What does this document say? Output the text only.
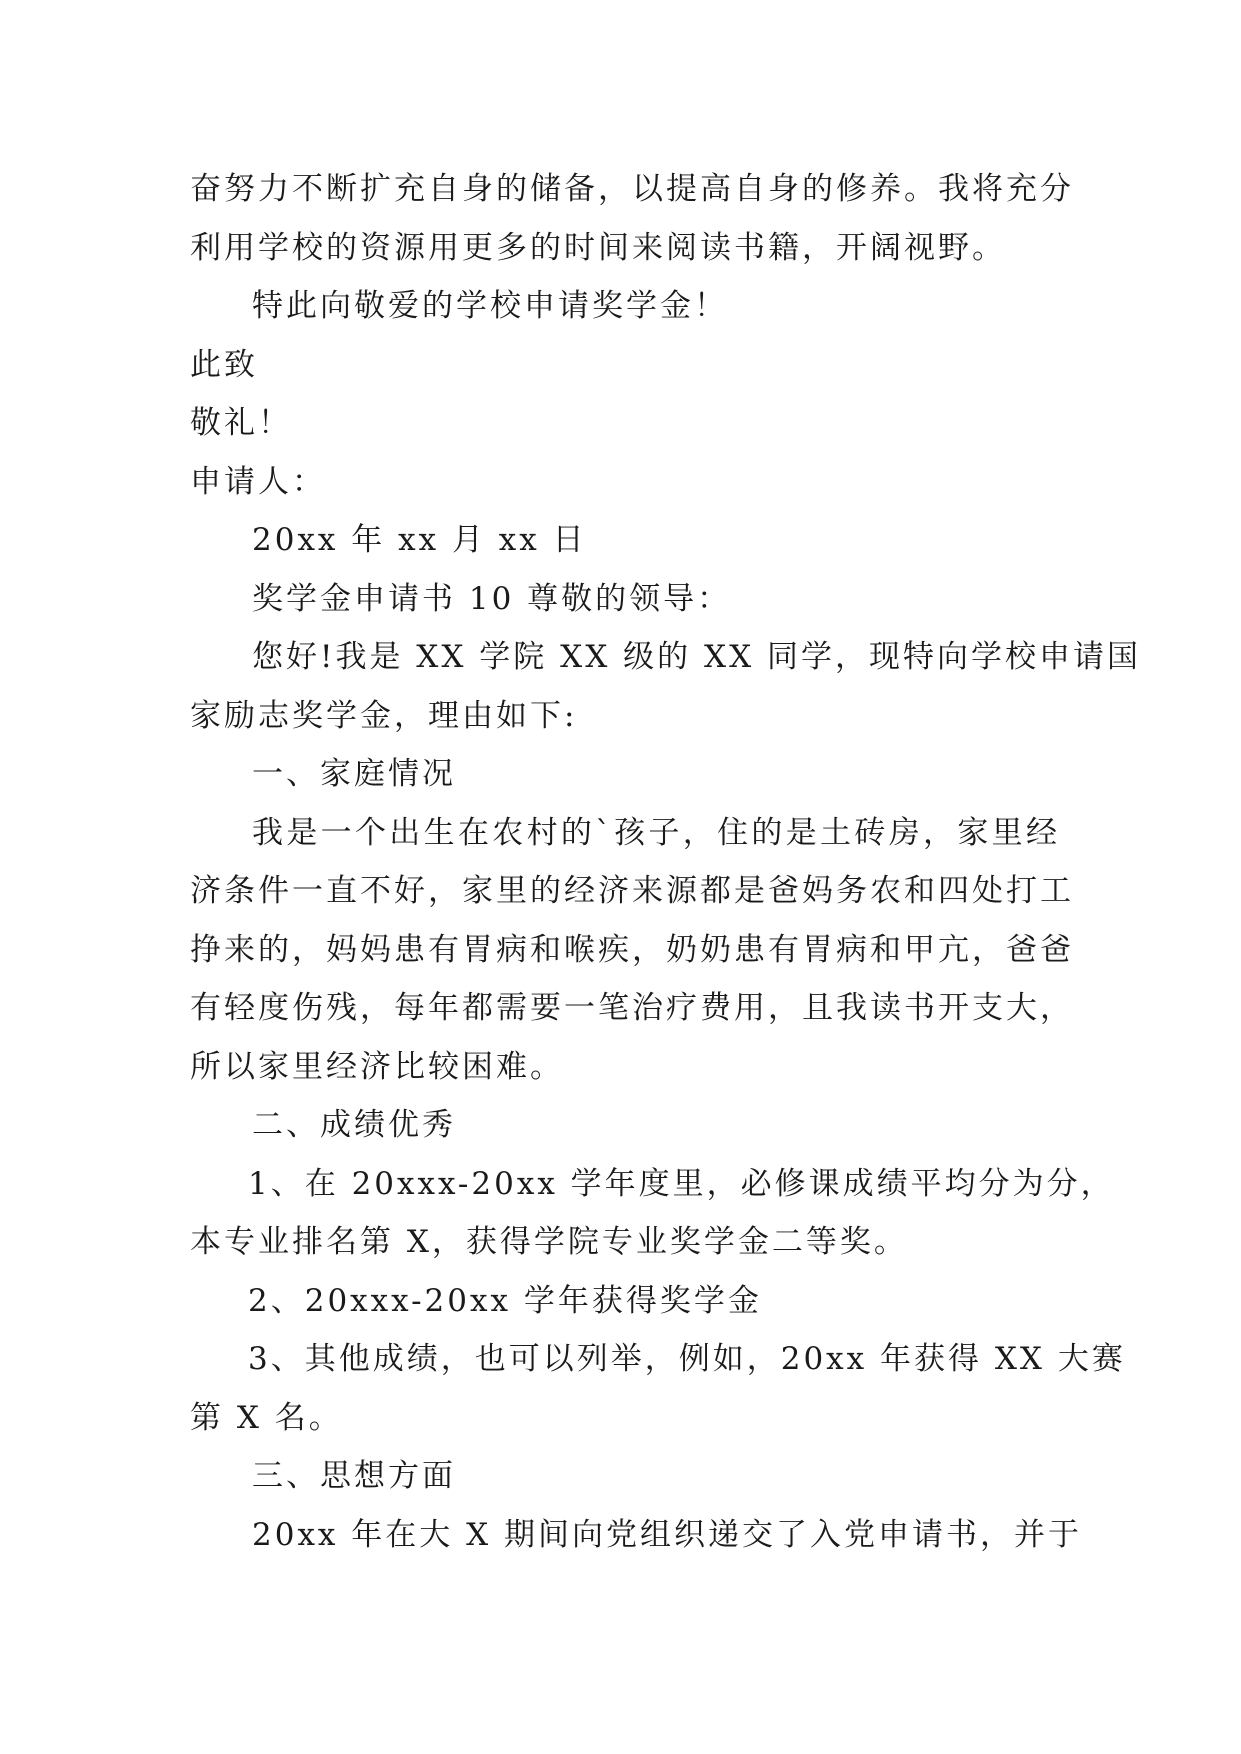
奋努力不断扩充自身的储备，以提高自身的修养。我将充分
利用学校的资源用更多的时间来阅读书籍，开阔视野。
特此向敬爱的学校申请奖学金！
此致
敬礼！
申请人：
20xx 年 xx 月 xx 日
奖学金申请书 10 尊敬的领导：
您好!我是 XX 学院 XX 级的 XX 同学，现特向学校申请国
家励志奖学金，理由如下:
一、家庭情况
我是一个出生在农村的`孩子，住的是土砖房，家里经
济条件一直不好，家里的经济来源都是爸妈务农和四处打工
挣来的，妈妈患有胃病和喉疾，奶奶患有胃病和甲亢，爸爸
有轻度伤残，每年都需要一笔治疗费用，且我读书开支大，
所以家里经济比较困难。
二、成绩优秀
1、在 20xxx-20xx 学年度里，必修课成绩平均分为分，
本专业排名第 X，获得学院专业奖学金二等奖。
2、20xxx-20xx 学年获得奖学金
3、其他成绩，也可以列举，例如，20xx 年获得 XX 大赛
第 X 名。
三、思想方面
20xx 年在大 X 期间向党组织递交了入党申请书，并于
